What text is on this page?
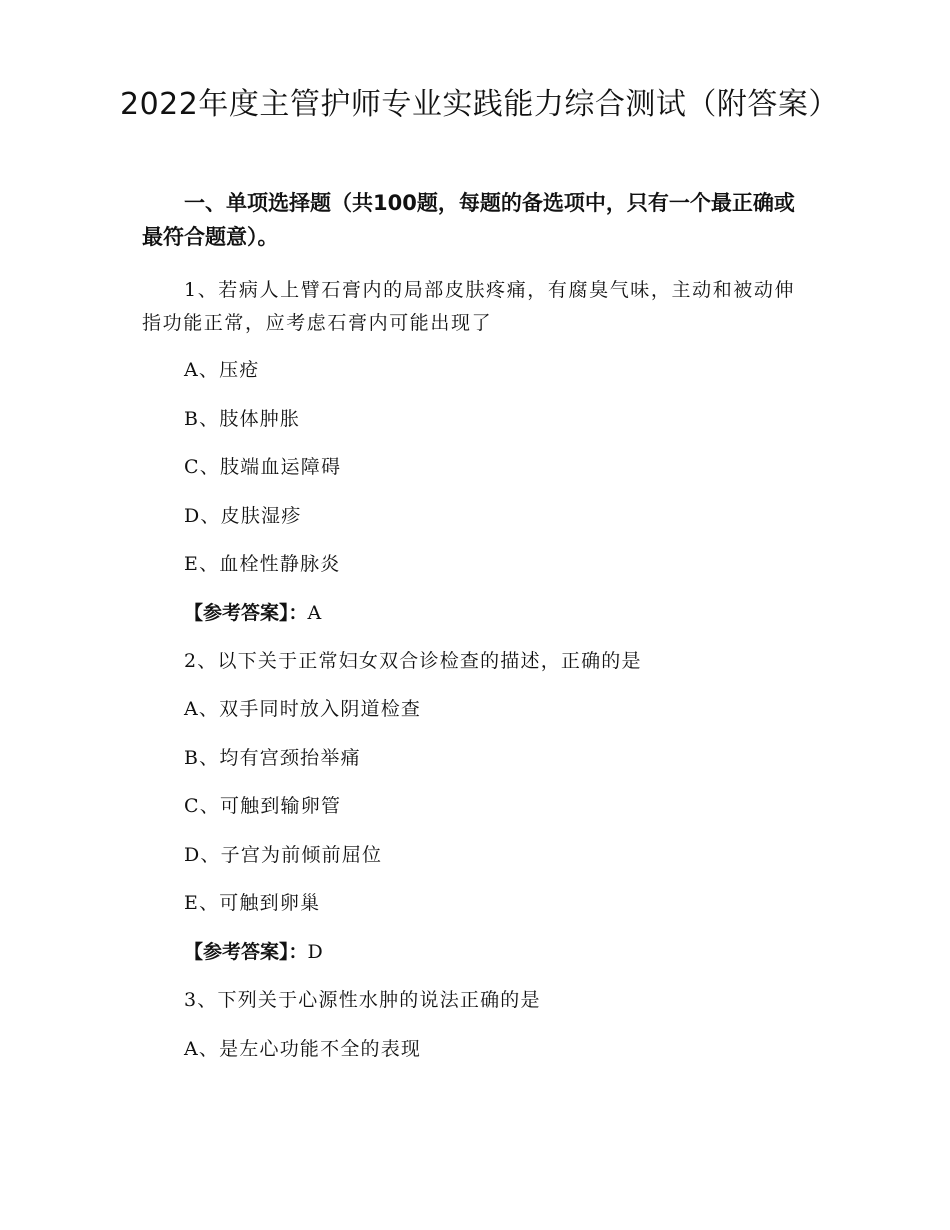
2022年度主管护师专业实践能力综合测试（附答案）
一、单项选择题（共100题，每题的备选项中，只有一个最正确或最符合题意）。
1、若病人上臂石膏内的局部皮肤疼痛，有腐臭气味，主动和被动伸指功能正常，应考虑石膏内可能出现了
A、压疮
B、肢体肿胀
C、肢端血运障碍
D、皮肤湿疹
E、血栓性静脉炎
【参考答案】：A
2、以下关于正常妇女双合诊检查的描述，正确的是
A、双手同时放入阴道检查
B、均有宫颈抬举痛
C、可触到输卵管
D、子宫为前倾前屈位
E、可触到卵巢
【参考答案】：D
3、下列关于心源性水肿的说法正确的是
A、是左心功能不全的表现
